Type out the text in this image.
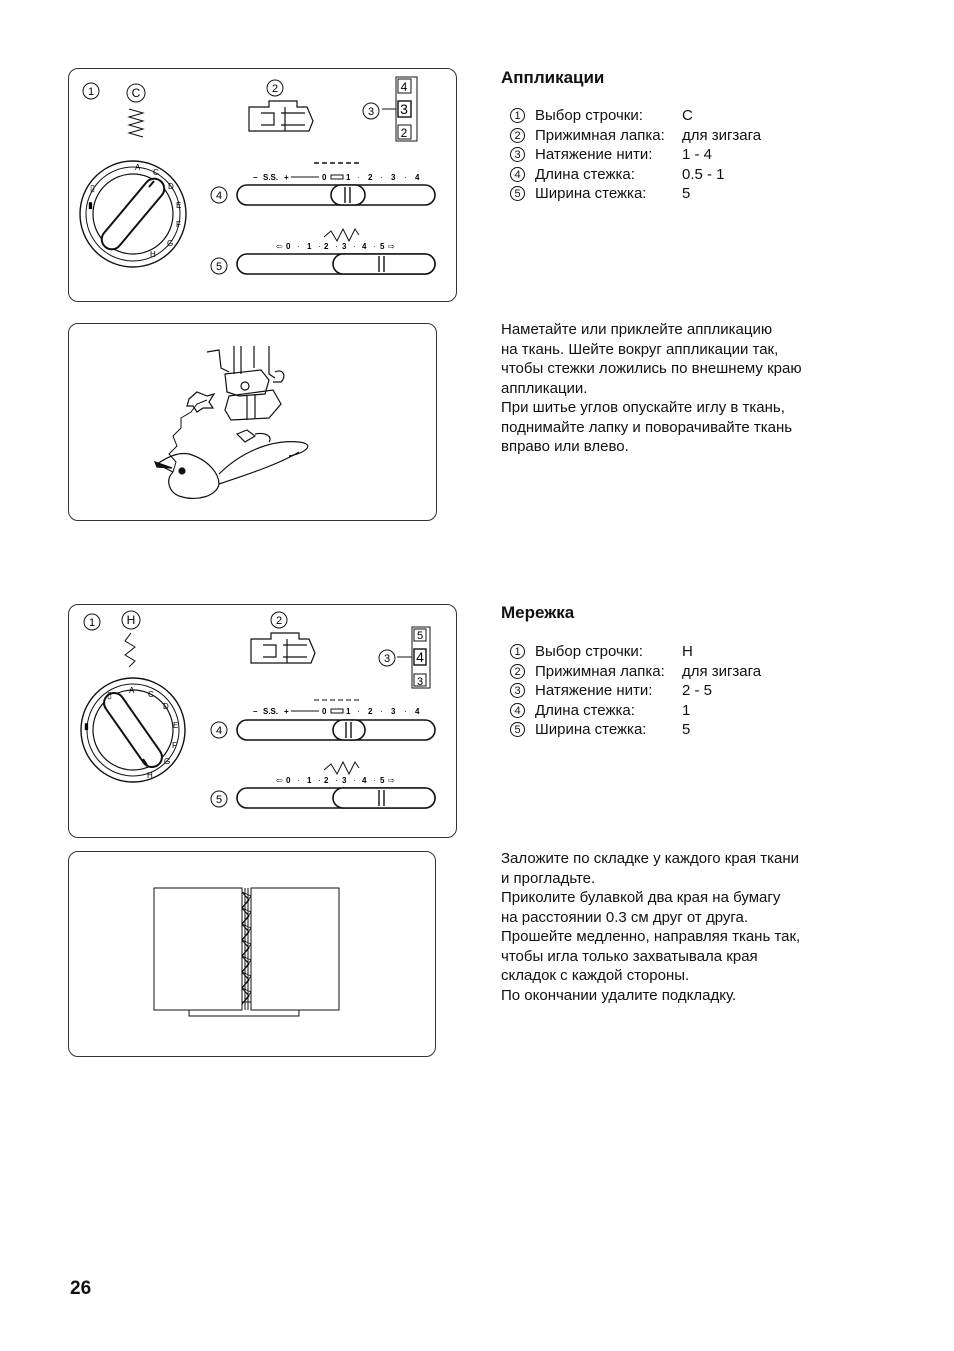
1	C	2
3
4
3
2
A
C
D
E
F
G
H
▯
▮
4
S.S.
–	+	0 1 · 2 · 3 · 4
5
⇦ 0 · 1 · 2 · 3 · 4 · 5 ⇨
Аппликации
1 Выбор строчки:	C
2 Прижимная лапка:	для зигзага
3 Натяжение нити:	1 - 4
4 Длина стежка:	0.5 - 1
5 Ширина стежка:	5

Наметайте или приклейте аппликацию
на ткань. Шейте вокруг аппликации так,
чтобы стежки ложились по внешнему краю
аппликации.
При шитье углов опускайте иглу в ткань,
поднимайте лапку и поворачивайте ткань
вправо или влево.

1	H	2
3
5
4
3
A C
D
E
F
G
H
▯
▮	4
– S.S. +	0 1 · 2 · 3 · 4
5
⇦ 0 · 1 · 2 · 3 · 4 · 5 ⇨
Мережка
1 Выбор строчки:	H
2 Прижимная лапка:	для зигзага
3 Натяжение нити:	2 - 5
4 Длина стежка:	1
5 Ширина стежка:	5

Заложите по складке у каждого края ткани
и прогладьте.
Приколите булавкой два края на бумагу
на расстоянии 0.3 см друг от друга.
Прошейте медленно, направляя ткань так,
чтобы игла только захватывала края
складок с каждой стороны.
По окончании удалите подкладку.

26
